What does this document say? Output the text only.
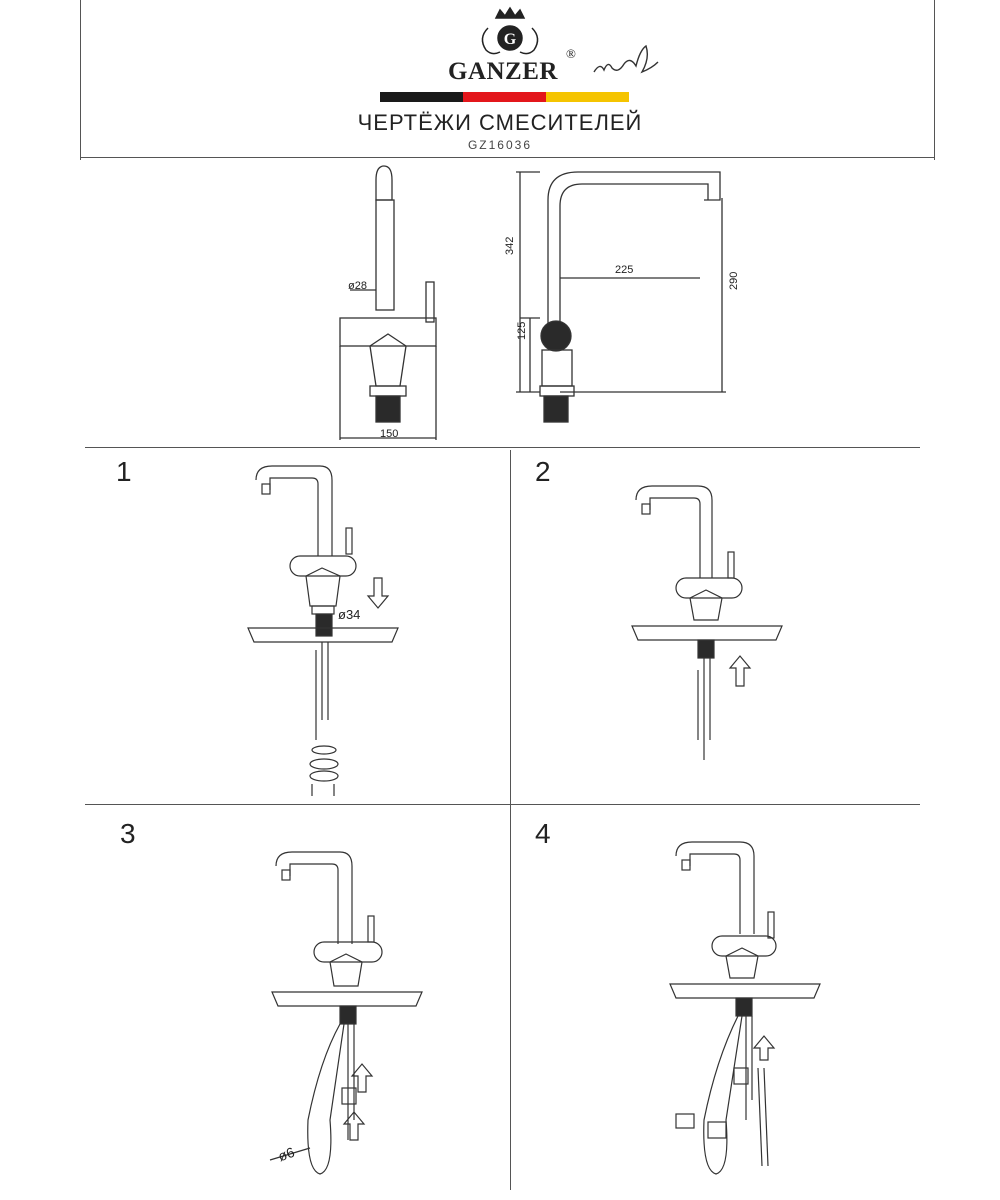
G
GANZER
®
ЧЕРТЁЖИ СМЕСИТЕЛЕЙ
GZ16036
ø28
150
342
225
290
125
1	2
3	4
ø34
ø6
